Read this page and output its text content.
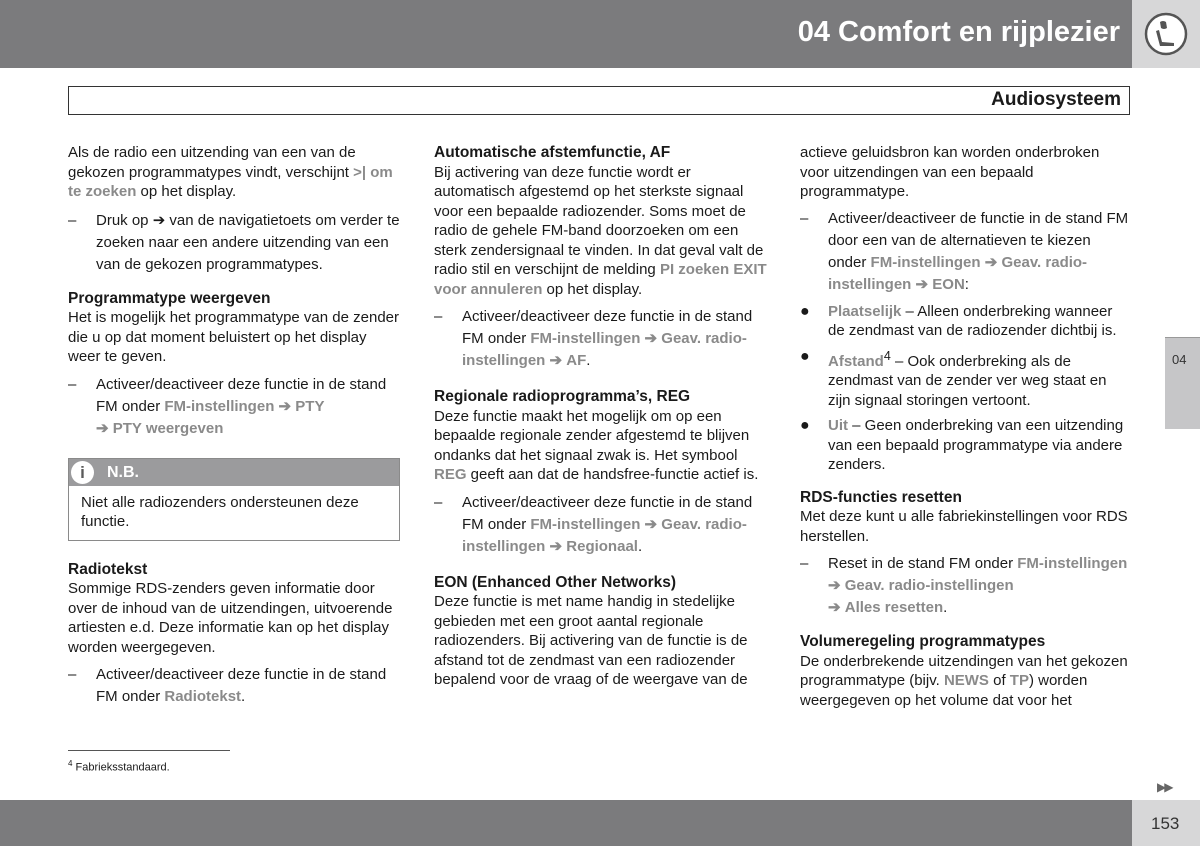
04 Comfort en rijplezier
Audiosysteem

Als de radio een uitzending van een van de gekozen programmatypes vindt, verschijnt >| om te zoeken op het display.

– Druk op ➔ van de navigatietoets om verder te zoeken naar een andere uitzending van een van de gekozen programmatypes.
Programmatype weergeven

Het is mogelijk het programmatype van de zender die u op dat moment beluistert op het display weer te geven.

– Activeer/deactiveer deze functie in de stand FM onder FM-instellingen ➔ PTY
➔ PTY weergeven
i	N.B.
Niet alle radiozenders ondersteunen deze functie.
Radiotekst

Sommige RDS-zenders geven informatie door over de inhoud van de uitzendingen, uitvoerende artiesten e.d. Deze informatie kan op het display worden weergegeven.

– Activeer/deactiveer deze functie in de stand FM onder Radiotekst.
Automatische afstemfunctie, AF

Bij activering van deze functie wordt er automatisch afgestemd op het sterkste signaal voor een bepaalde radiozender. Soms moet de radio de gehele FM-band doorzoeken om een sterk zendersignaal te vinden. In dat geval valt de radio stil en verschijnt de melding PI zoeken EXIT voor annuleren op het display.

– Activeer/deactiveer deze functie in de stand FM onder FM-instellingen ➔ Geav. radio-instellingen ➔ AF.
Regionale radioprogramma’s, REG

Deze functie maakt het mogelijk om op een bepaalde regionale zender afgestemd te blijven ondanks dat het signaal zwak is. Het symbool REG geeft aan dat de handsfree-functie actief is.

– Activeer/deactiveer deze functie in de stand FM onder FM-instellingen ➔ Geav. radio-instellingen ➔ Regionaal.
EON (Enhanced Other Networks)

Deze functie is met name handig in stedelijke gebieden met een groot aantal regionale radiozenders. Bij activering van de functie is de afstand tot de zendmast van een radiozender bepalend voor de vraag of de weergave van de

actieve geluidsbron kan worden onderbroken voor uitzendingen van een bepaald programmatype.

– Activeer/deactiveer de functie in de stand FM door een van de alternatieven te kiezen onder FM-instellingen ➔ Geav. radio-instellingen ➔ EON:
● Plaatselijk – Alleen onderbreking wanneer de zendmast van de radiozender dichtbij is.
● Afstand$^4$ – Ook onderbreking als de zendmast van de zender ver weg staat en zijn signaal storingen vertoont.
● Uit – Geen onderbreking van een uitzending van een bepaald programmatype via andere zenders.
RDS-functies resetten

Met deze kunt u alle fabriekinstellingen voor RDS herstellen.

– Reset in de stand FM onder FM-instellingen ➔ Geav. radio-instellingen
➔ Alles resetten.
Volumeregeling programmatypes

De onderbrekende uitzendingen van het gekozen programmatype (bijv. NEWS of TP) worden weergegeven op het volume dat voor het

04
$^4$ Fabrieksstandaard.
▶▶
153
